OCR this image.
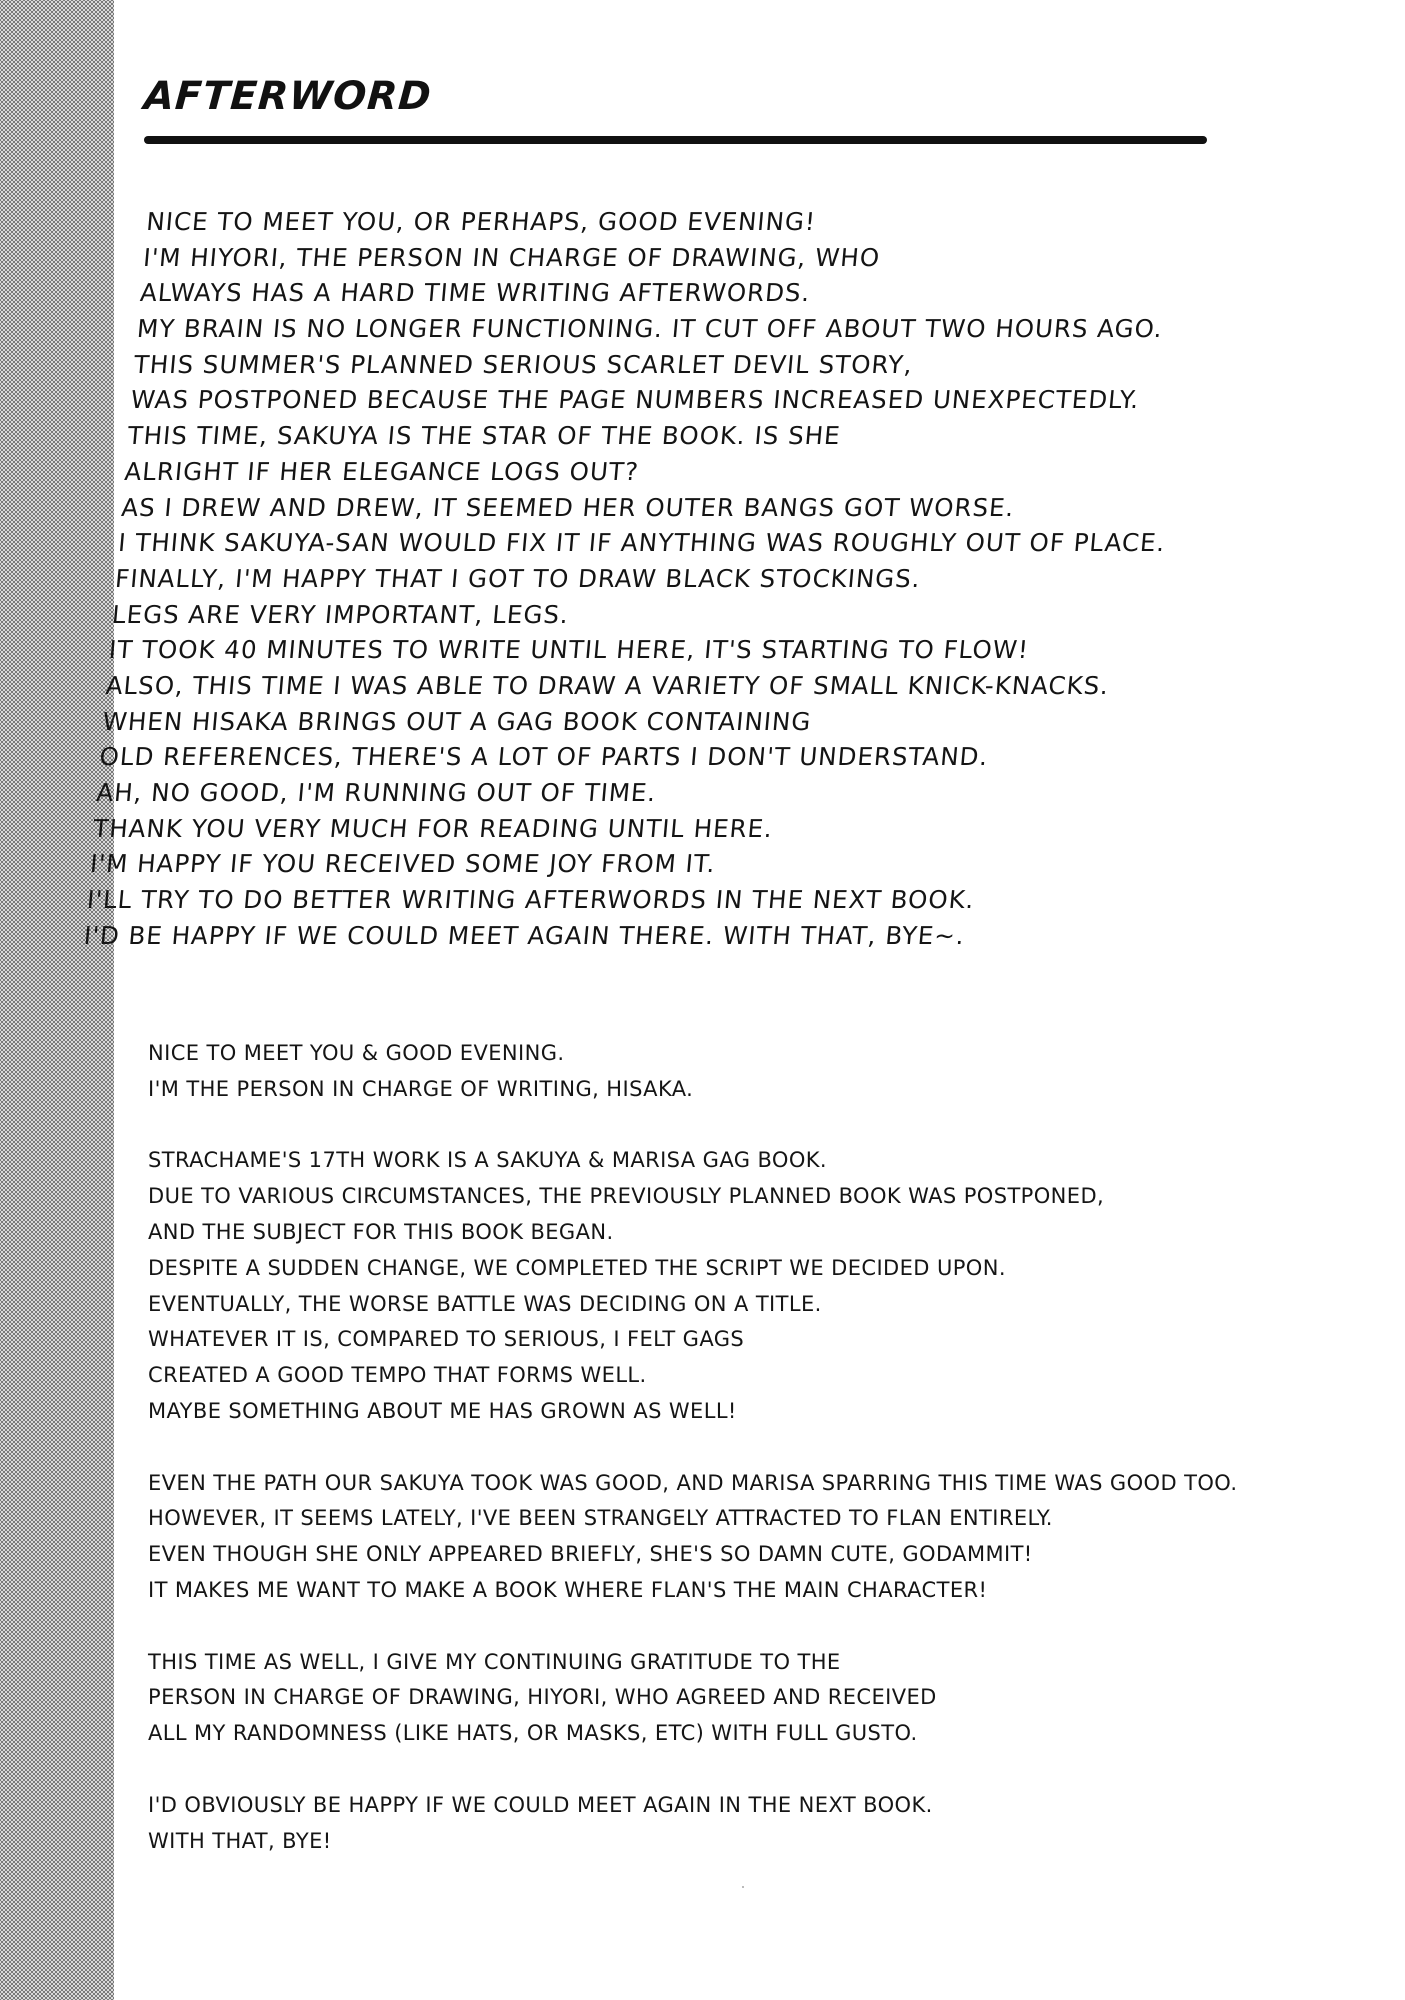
AFTERWORD
NICE TO MEET YOU, OR PERHAPS, GOOD EVENING!
I'M HIYORI, THE PERSON IN CHARGE OF DRAWING, WHO
ALWAYS HAS A HARD TIME WRITING AFTERWORDS.
MY BRAIN IS NO LONGER FUNCTIONING. IT CUT OFF ABOUT TWO HOURS AGO.
THIS SUMMER'S PLANNED SERIOUS SCARLET DEVIL STORY,
WAS POSTPONED BECAUSE THE PAGE NUMBERS INCREASED UNEXPECTEDLY.
THIS TIME, SAKUYA IS THE STAR OF THE BOOK. IS SHE
ALRIGHT IF HER ELEGANCE LOGS OUT?
AS I DREW AND DREW, IT SEEMED HER OUTER BANGS GOT WORSE.
I THINK SAKUYA-SAN WOULD FIX IT IF ANYTHING WAS ROUGHLY OUT OF PLACE.
FINALLY, I'M HAPPY THAT I GOT TO DRAW BLACK STOCKINGS.
LEGS ARE VERY IMPORTANT, LEGS.
IT TOOK 40 MINUTES TO WRITE UNTIL HERE, IT'S STARTING TO FLOW!
ALSO, THIS TIME I WAS ABLE TO DRAW A VARIETY OF SMALL KNICK-KNACKS.
WHEN HISAKA BRINGS OUT A GAG BOOK CONTAINING
OLD REFERENCES, THERE'S A LOT OF PARTS I DON'T UNDERSTAND.
AH, NO GOOD, I'M RUNNING OUT OF TIME.
THANK YOU VERY MUCH FOR READING UNTIL HERE.
I'M HAPPY IF YOU RECEIVED SOME JOY FROM IT.
I'LL TRY TO DO BETTER WRITING AFTERWORDS IN THE NEXT BOOK.
I'D BE HAPPY IF WE COULD MEET AGAIN THERE. WITH THAT, BYE~.
NICE TO MEET YOU & GOOD EVENING.
I'M THE PERSON IN CHARGE OF WRITING, HISAKA.
STRACHAME'S 17TH WORK IS A SAKUYA & MARISA GAG BOOK.
DUE TO VARIOUS CIRCUMSTANCES, THE PREVIOUSLY PLANNED BOOK WAS POSTPONED,
AND THE SUBJECT FOR THIS BOOK BEGAN.
DESPITE A SUDDEN CHANGE, WE COMPLETED THE SCRIPT WE DECIDED UPON.
EVENTUALLY, THE WORSE BATTLE WAS DECIDING ON A TITLE.
WHATEVER IT IS, COMPARED TO SERIOUS, I FELT GAGS
CREATED A GOOD TEMPO THAT FORMS WELL.
MAYBE SOMETHING ABOUT ME HAS GROWN AS WELL!
EVEN THE PATH OUR SAKUYA TOOK WAS GOOD, AND MARISA SPARRING THIS TIME WAS GOOD TOO.
HOWEVER, IT SEEMS LATELY, I'VE BEEN STRANGELY ATTRACTED TO FLAN ENTIRELY.
EVEN THOUGH SHE ONLY APPEARED BRIEFLY, SHE'S SO DAMN CUTE, GODAMMIT!
IT MAKES ME WANT TO MAKE A BOOK WHERE FLAN'S THE MAIN CHARACTER!
THIS TIME AS WELL, I GIVE MY CONTINUING GRATITUDE TO THE
PERSON IN CHARGE OF DRAWING, HIYORI, WHO AGREED AND RECEIVED
ALL MY RANDOMNESS (LIKE HATS, OR MASKS, ETC) WITH FULL GUSTO.
I'D OBVIOUSLY BE HAPPY IF WE COULD MEET AGAIN IN THE NEXT BOOK.
WITH THAT, BYE!
